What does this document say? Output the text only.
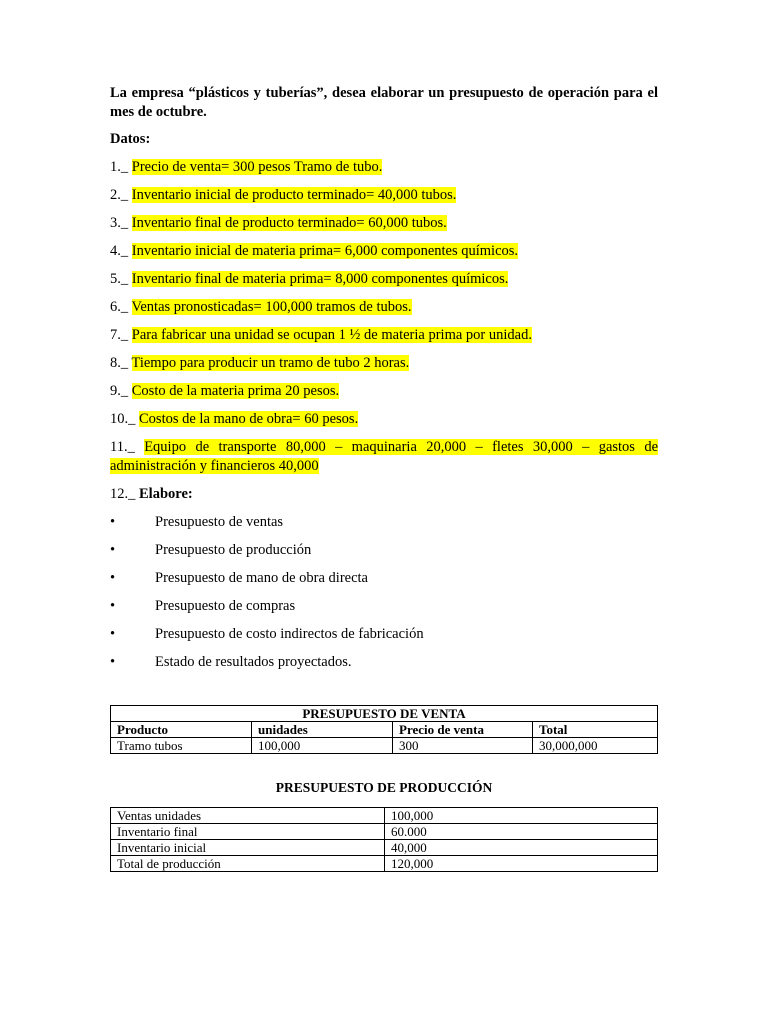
La empresa “plásticos y tuberías”, desea elaborar un presupuesto de operación para el mes de octubre.

Datos:

1._ Precio de venta= 300 pesos Tramo de tubo.

2._ Inventario inicial de producto terminado= 40,000 tubos.

3._ Inventario final de producto terminado= 60,000 tubos.

4._ Inventario inicial de materia prima= 6,000 componentes químicos.

5._ Inventario final de materia prima= 8,000 componentes químicos.

6._ Ventas pronosticadas= 100,000 tramos de tubos.

7._ Para fabricar una unidad se ocupan 1 ½ de materia prima por unidad.

8._ Tiempo para producir un tramo de tubo 2 horas.

9._ Costo de la materia prima 20 pesos.

10._ Costos de la mano de obra= 60 pesos.

11._ Equipo de transporte 80,000 – maquinaria 20,000 – fletes 30,000 – gastos de administración y financieros 40,000

12._ Elabore:

•	Presupuesto de ventas
•	Presupuesto de producción
•	Presupuesto de mano de obra directa
•	Presupuesto de compras
•	Presupuesto de costo indirectos de fabricación
•	Estado de resultados proyectados.
PRESUPUESTO DE VENTA			
Producto	unidades	Precio de venta	Total
Tramo tubos	100,000	300	30,000,000
PRESUPUESTO DE PRODUCCIÓN
Ventas unidades	100,000
Inventario final	60.000
Inventario inicial	40,000
Total de producción	120,000
